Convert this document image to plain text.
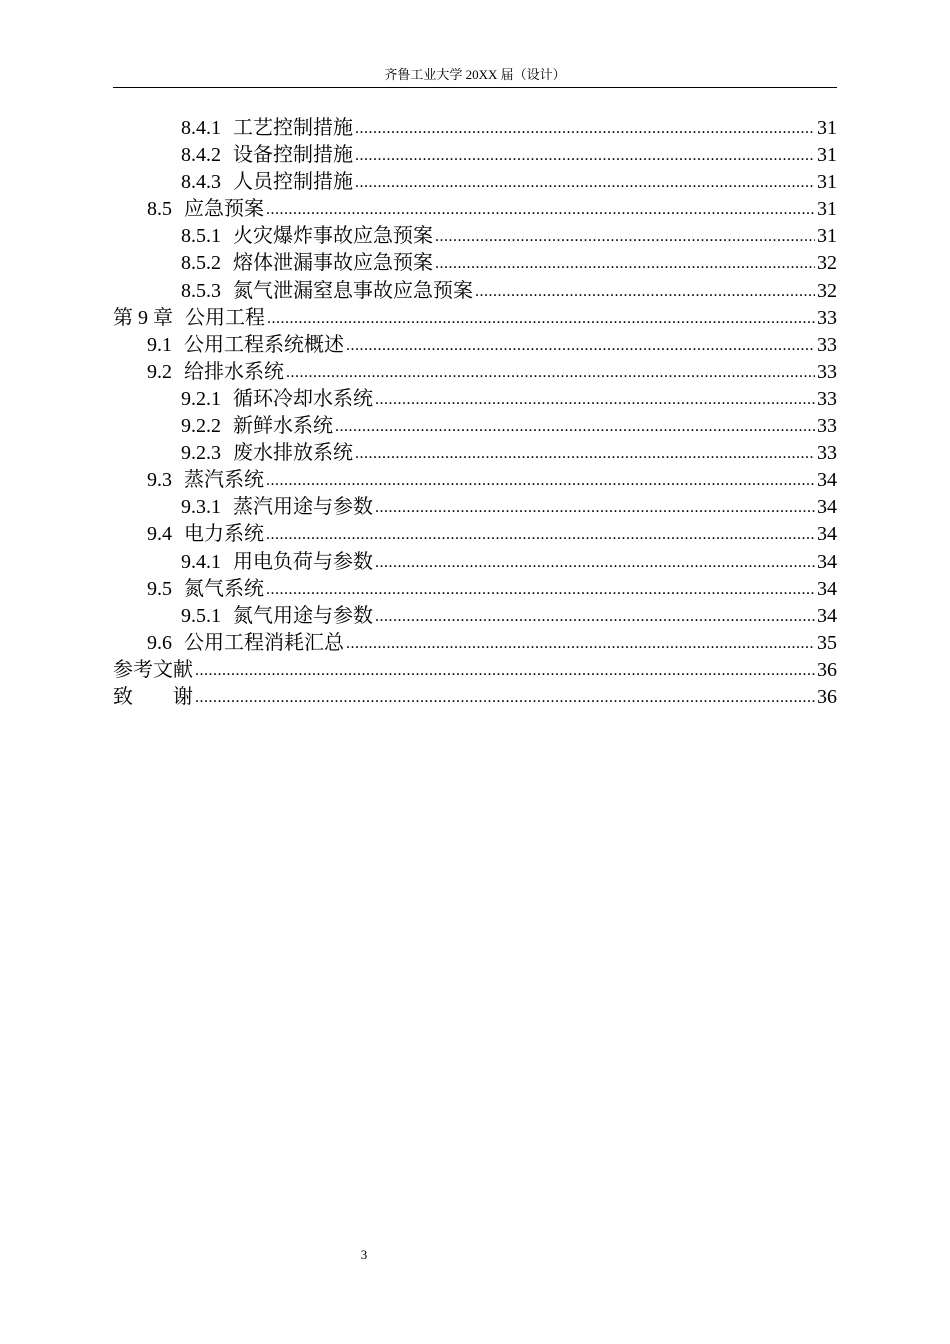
齐鲁工业大学 20XX 届（设计）
8.4.1 工艺控制措施 .....	31
8.4.2 设备控制措施 .....	31
8.4.3 人员控制措施 .....	31
8.5 应急预案 .....	31
8.5.1 火灾爆炸事故应急预案 .....	31
8.5.2 熔体泄漏事故应急预案 .....	32
8.5.3 氮气泄漏窒息事故应急预案 .....	32
第 9 章 公用工程 .....	33
9.1 公用工程系统概述 .....	33
9.2 给排水系统 .....	33
9.2.1 循环冷却水系统 .....	33
9.2.2 新鲜水系统 .....	33
9.2.3 废水排放系统 .....	33
9.3 蒸汽系统 .....	34
9.3.1 蒸汽用途与参数 .....	34
9.4 电力系统 .....	34
9.4.1 用电负荷与参数 .....	34
9.5 氮气系统 .....	34
9.5.1 氮气用途与参数 .....	34
9.6 公用工程消耗汇总 .....	35
参考文献 .....	36
致　　谢 .....	36
3
